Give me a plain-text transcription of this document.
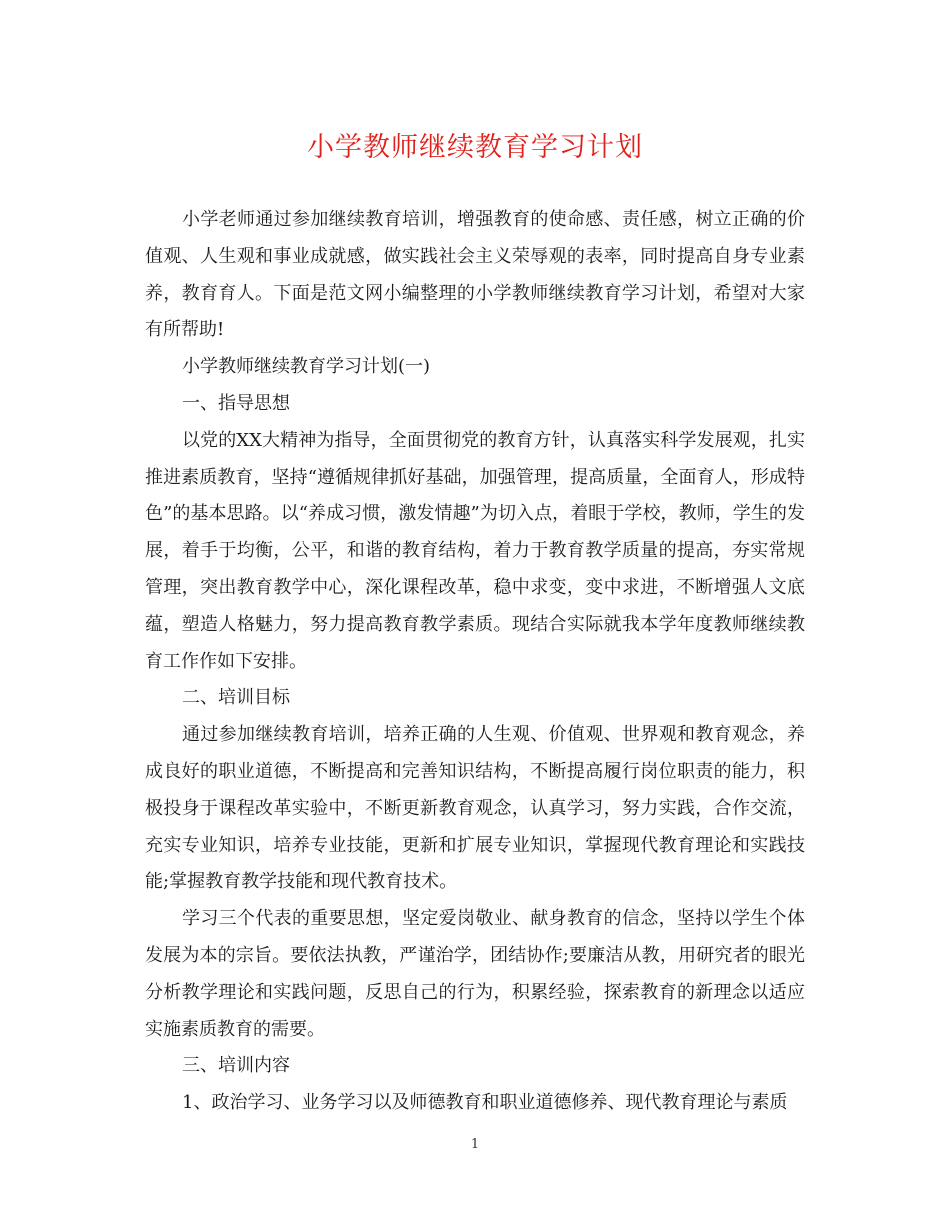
小学教师继续教育学习计划

小学老师通过参加继续教育培训，增强教育的使命感、责任感，树立正确的价值观、人生观和事业成就感，做实践社会主义荣辱观的表率，同时提高自身专业素养，教育育人。下面是范文网小编整理的小学教师继续教育学习计划，希望对大家有所帮助!

小学教师继续教育学习计划(一)

一、指导思想

以党的XX大精神为指导，全面贯彻党的教育方针，认真落实科学发展观，扎实推进素质教育，坚持“遵循规律抓好基础，加强管理，提高质量，全面育人，形成特色”的基本思路。以“养成习惯，激发情趣”为切入点，着眼于学校，教师，学生的发展，着手于均衡，公平，和谐的教育结构，着力于教育教学质量的提高，夯实常规管理，突出教育教学中心，深化课程改革，稳中求变，变中求进，不断增强人文底蕴，塑造人格魅力，努力提高教育教学素质。现结合实际就我本学年度教师继续教育工作作如下安排。

二、培训目标

通过参加继续教育培训，培养正确的人生观、价值观、世界观和教育观念，养成良好的职业道德，不断提高和完善知识结构，不断提高履行岗位职责的能力，积极投身于课程改革实验中，不断更新教育观念，认真学习，努力实践，合作交流，充实专业知识，培养专业技能，更新和扩展专业知识，掌握现代教育理论和实践技能;掌握教育教学技能和现代教育技术。

学习三个代表的重要思想，坚定爱岗敬业、献身教育的信念，坚持以学生个体发展为本的宗旨。要依法执教，严谨治学，团结协作;要廉洁从教，用研究者的眼光分析教学理论和实践问题，反思自己的行为，积累经验，探索教育的新理念以适应实施素质教育的需要。

三、培训内容

1、政治学习、业务学习以及师德教育和职业道德修养、现代教育理论与素质

1
